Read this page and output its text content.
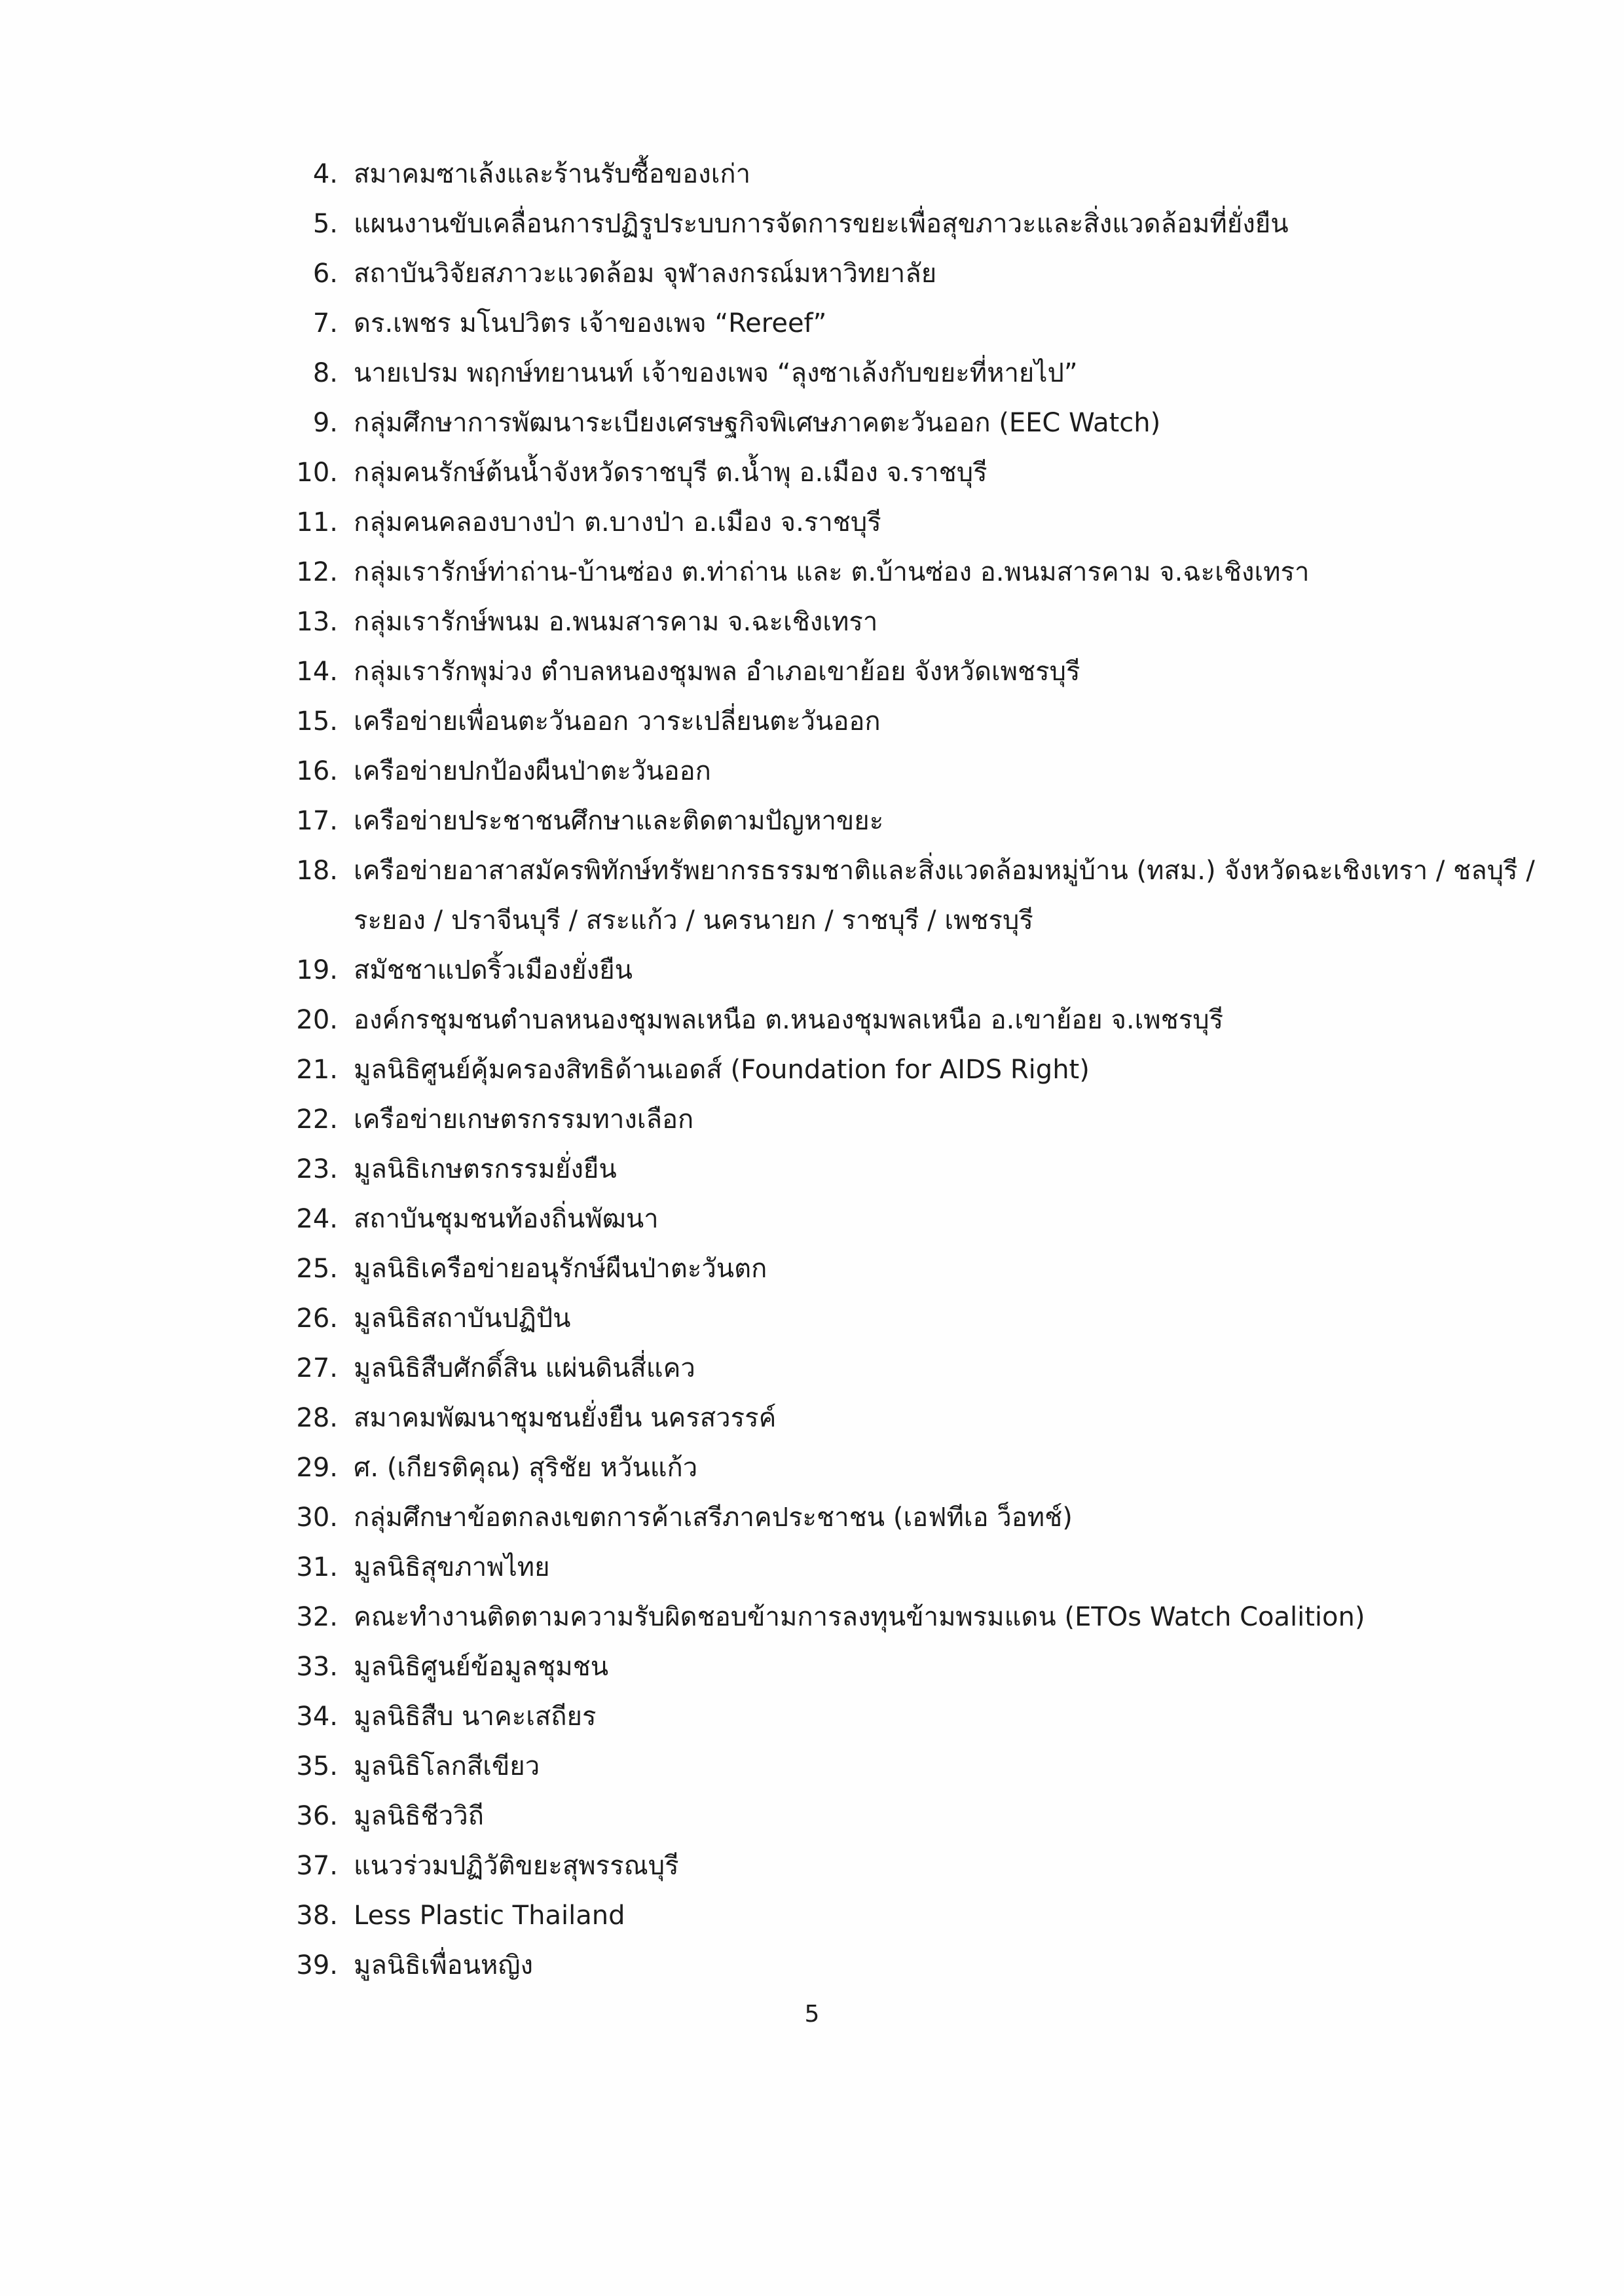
4. สมาคมซาเล้งและร้านรับซื้อของเก่า
5. แผนงานขับเคลื่อนการปฏิรูประบบการจัดการขยะเพื่อสุขภาวะและสิ่งแวดล้อมที่ยั่งยืน
6. สถาบันวิจัยสภาวะแวดล้อม จุฬาลงกรณ์มหาวิทยาลัย
7. ดร.เพชร มโนปวิตร เจ้าของเพจ “Rereef”
8. นายเปรม พฤกษ์ทยานนท์ เจ้าของเพจ “ลุงซาเล้งกับขยะที่หายไป”
9. กลุ่มศึกษาการพัฒนาระเบียงเศรษฐกิจพิเศษภาคตะวันออก (EEC Watch)
10. กลุ่มคนรักษ์ต้นน้ำจังหวัดราชบุรี ต.น้ำพุ อ.เมือง จ.ราชบุรี
11. กลุ่มคนคลองบางป่า ต.บางป่า อ.เมือง จ.ราชบุรี
12. กลุ่มเรารักษ์ท่าถ่าน-บ้านซ่อง ต.ท่าถ่าน และ ต.บ้านซ่อง อ.พนมสารคาม จ.ฉะเชิงเทรา
13. กลุ่มเรารักษ์พนม อ.พนมสารคาม จ.ฉะเชิงเทรา
14. กลุ่มเรารักพุม่วง ตำบลหนองชุมพล อำเภอเขาย้อย จังหวัดเพชรบุรี
15. เครือข่ายเพื่อนตะวันออก วาระเปลี่ยนตะวันออก
16. เครือข่ายปกป้องผืนป่าตะวันออก
17. เครือข่ายประชาชนศึกษาและติดตามปัญหาขยะ
18. เครือข่ายอาสาสมัครพิทักษ์ทรัพยากรธรรมชาติและสิ่งแวดล้อมหมู่บ้าน (ทสม.) จังหวัดฉะเชิงเทรา / ชลบุรี / ระยอง / ปราจีนบุรี / สระแก้ว / นครนายก / ราชบุรี / เพชรบุรี
19. สมัชชาแปดริ้วเมืองยั่งยืน
20. องค์กรชุมชนตำบลหนองชุมพลเหนือ ต.หนองชุมพลเหนือ อ.เขาย้อย จ.เพชรบุรี
21. มูลนิธิศูนย์คุ้มครองสิทธิด้านเอดส์ (Foundation for AIDS Right)
22. เครือข่ายเกษตรกรรมทางเลือก
23. มูลนิธิเกษตรกรรมยั่งยืน
24. สถาบันชุมชนท้องถิ่นพัฒนา
25. มูลนิธิเครือข่ายอนุรักษ์ผืนป่าตะวันตก
26. มูลนิธิสถาบันปฏิปัน
27. มูลนิธิสืบศักดิ์สิน แผ่นดินสี่แคว
28. สมาคมพัฒนาชุมชนยั่งยืน นครสวรรค์
29. ศ. (เกียรติคุณ) สุริชัย หวันแก้ว
30. กลุ่มศึกษาข้อตกลงเขตการค้าเสรีภาคประชาชน (เอฟทีเอ ว็อทช์)
31. มูลนิธิสุขภาพไทย
32. คณะทำงานติดตามความรับผิดชอบข้ามการลงทุนข้ามพรมแดน (ETOs Watch Coalition)
33. มูลนิธิศูนย์ข้อมูลชุมชน
34. มูลนิธิสืบ นาคะเสถียร
35. มูลนิธิโลกสีเขียว
36. มูลนิธิชีววิถี
37. แนวร่วมปฏิวัติขยะสุพรรณบุรี
38. Less Plastic Thailand
39. มูลนิธิเพื่อนหญิง
5
